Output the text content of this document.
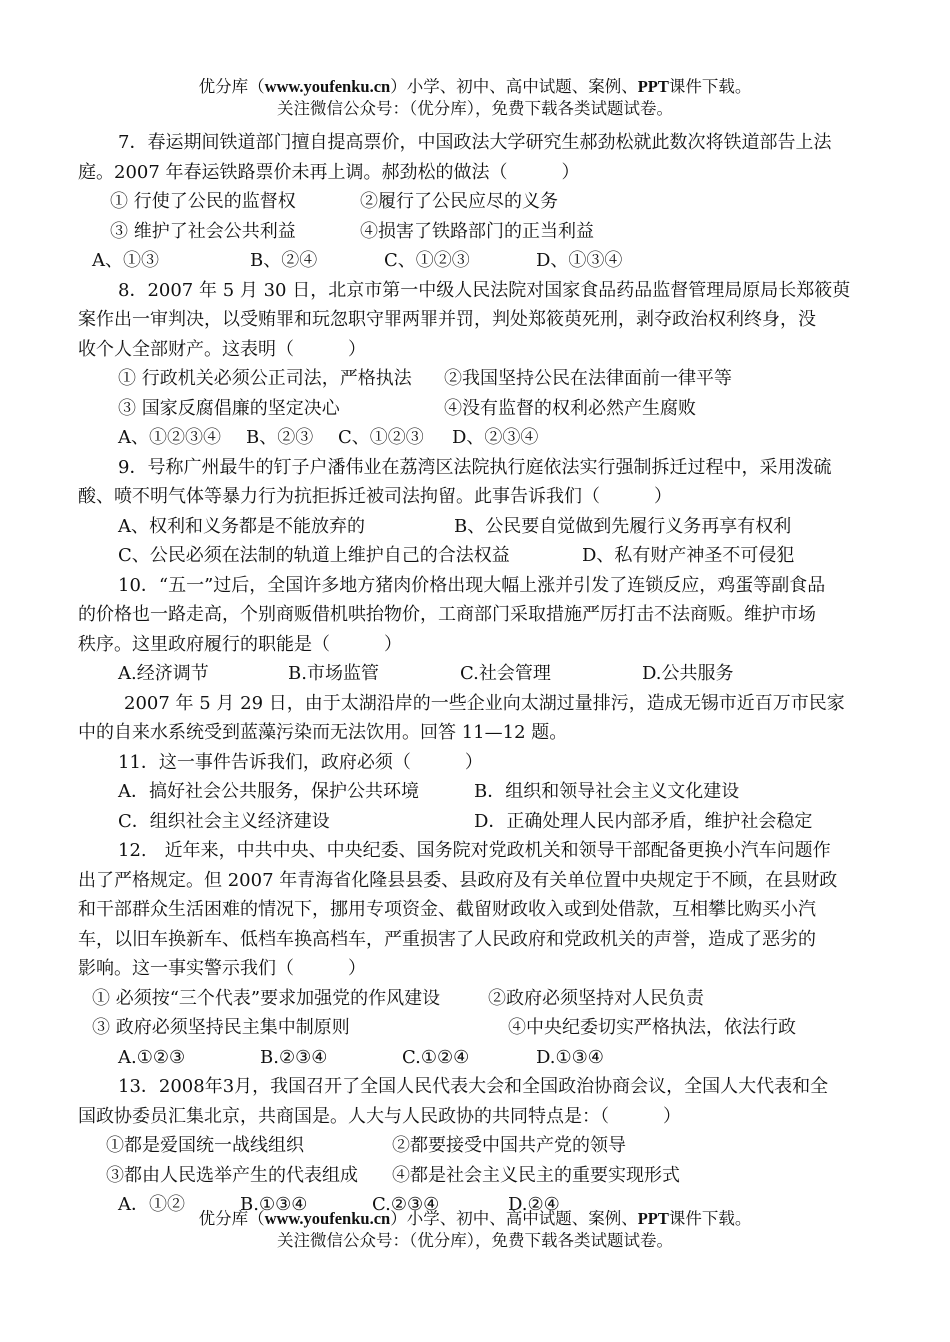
优分库（www.youfenku.cn）小学、初中、高中试题、案例、PPT课件下载。
关注微信公众号：（优分库），免费下载各类试题试卷。

7．春运期间铁道部门擅自提高票价，中国政法大学研究生郝劲松就此数次将铁道部告上法

庭。2007 年春运铁路票价未再上调。郝劲松的做法（　　　）

① 行使了公民的监督权	②履行了公民应尽的义务

③ 维护了社会公共利益	④损害了铁路部门的正当利益

A、①③	B、②④	C、①②③	D、①③④

8．2007 年 5 月 30 日，北京市第一中级人民法院对国家食品药品监督管理局原局长郑筱萸

案作出一审判决，以受贿罪和玩忽职守罪两罪并罚，判处郑筱萸死刑，剥夺政治权利终身，没

收个人全部财产。这表明（　　　）

① 行政机关必须公正司法，严格执法 ②我国坚持公民在法律面前一律平等

③ 国家反腐倡廉的坚定决心	④没有监督的权利必然产生腐败

A、①②③④ B、②③ C、①②③ D、②③④

9．号称广州最牛的钉子户潘伟业在荔湾区法院执行庭依法实行强制拆迁过程中，采用泼硫

酸、喷不明气体等暴力行为抗拒拆迁被司法拘留。此事告诉我们（　　　）

A、权利和义务都是不能放弃的	B、公民要自觉做到先履行义务再享有权利

C、公民必须在法制的轨道上维护自己的合法权益	D、私有财产神圣不可侵犯

10．“五一”过后，全国许多地方猪肉价格出现大幅上涨并引发了连锁反应，鸡蛋等副食品

的价格也一路走高，个别商贩借机哄抬物价，工商部门采取措施严厉打击不法商贩。维护市场

秩序。这里政府履行的职能是（　　　）

A.经济调节	B.市场监管	C.社会管理	D.公共服务

2007 年 5 月 29 日，由于太湖沿岸的一些企业向太湖过量排污，造成无锡市近百万市民家

中的自来水系统受到蓝藻污染而无法饮用。回答 11—12 题。

11．这一事件告诉我们，政府必须（　　　）

A．搞好社会公共服务，保护公共环境	B．组织和领导社会主义文化建设

C．组织社会主义经济建设	D．正确处理人民内部矛盾，维护社会稳定

12.　近年来，中共中央、中央纪委、国务院对党政机关和领导干部配备更换小汽车问题作

出了严格规定。但 2007 年青海省化隆县县委、县政府及有关单位置中央规定于不顾，在县财政

和干部群众生活困难的情况下，挪用专项资金、截留财政收入或到处借款，互相攀比购买小汽

车，以旧车换新车、低档车换高档车，严重损害了人民政府和党政机关的声誉，造成了恶劣的

影响。这一事实警示我们（　　　）

① 必须按“三个代表”要求加强党的作风建设	②政府必须坚持对人民负责

③ 政府必须坚持民主集中制原则	④中央纪委切实严格执法，依法行政

A.①②③	B.②③④	C.①②④	D.①③④

13．2008年3月，我国召开了全国人民代表大会和全国政治协商会议，全国人大代表和全

国政协委员汇集北京，共商国是。人大与人民政协的共同特点是：（　　　）

①都是爱国统一战线组织	②都要接受中国共产党的领导

③都由人民选举产生的代表组成 ④都是社会主义民主的重要实现形式

A．①②	B.①③④	C.②③④	D.②④

优分库（www.youfenku.cn）小学、初中、高中试题、案例、PPT课件下载。
关注微信公众号：（优分库），免费下载各类试题试卷。
